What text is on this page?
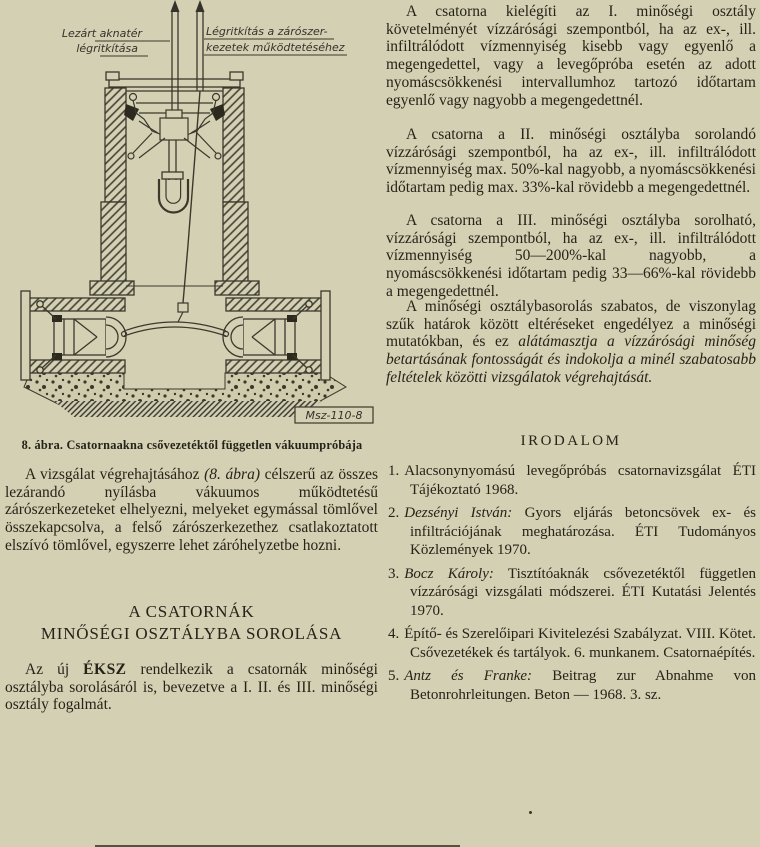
Lezárt aknatér
légritkítása
Légritkítás a zárószer-
kezetek működtetéséhez
Msz-110-8
8. ábra. Csatornaakna csővezetéktől független vákuumpróbája

A vizsgálat végrehajtásához (8. ábra) célszerű az összes lezárandó nyílásba vákuumos működtetésű zárószerkezeteket elhelyezni, melyeket egymással tömlővel összekapcsolva, a felső zárószerkezethez csatlakoztatott elszívó tömlővel, egyszerre lehet záróhelyzetbe hozni.

A CSATORNÁK
MINŐSÉGI OSZTÁLYBA SOROLÁSA

Az új ÉKSZ rendelkezik a csatornák minőségi osztályba sorolásáról is, bevezetve a I. II. és III. minőségi osztály fogalmát.

A csatorna kielégíti az I. minőségi osztály követelményét vízzárósági szempontból, ha az ex-, ill. infiltrálódott vízmennyiség kisebb vagy egyenlő a megengedettel, vagy a levegőpróba esetén az adott nyomáscsökkenési intervallumhoz tartozó időtartam egyenlő vagy nagyobb a megengedettnél.

A csatorna a II. minőségi osztályba sorolandó vízzárósági szempontból, ha az ex-, ill. infiltrálódott vízmennyiség max. 50%-kal nagyobb, a nyomáscsökkenési időtartam pedig max. 33%-kal rövidebb a megengedettnél.

A csatorna a III. minőségi osztályba sorolható, vízzárósági szempontból, ha az ex-, ill. infiltrálódott vízmennyiség 50—200%-kal nagyobb, a nyomáscsökkenési időtartam pedig 33—66%-kal rövidebb a megengedettnél.

A minőségi osztálybasorolás szabatos, de viszonylag szűk határok között eltéréseket engedélyez a minőségi mutatókban, és ez alátámasztja a vízzárósági minőség betartásának fontosságát és indokolja a minél szabatosabb feltételek közötti vizsgálatok végrehajtását.

IRODALOM
1. Alacsonynyomású levegőpróbás csatornavizsgálat ÉTI Tájékoztató 1968.
2. Dezsényi István: Gyors eljárás betoncsövek ex- és infiltrációjának meghatározása. ÉTI Tudományos Közlemények 1970.
3. Bocz Károly: Tisztítóaknák csővezetéktől független vízzárósági vizsgálati módszerei. ÉTI Kutatási Jelentés 1970.
4. Építő- és Szerelőipari Kivitelezési Szabályzat. VIII. Kötet. Csővezetékek és tartályok. 6. munkanem. Csatornaépítés.
5. Antz és Franke: Beitrag zur Abnahme von Betonrohrleitungen. Beton — 1968. 3. sz.
